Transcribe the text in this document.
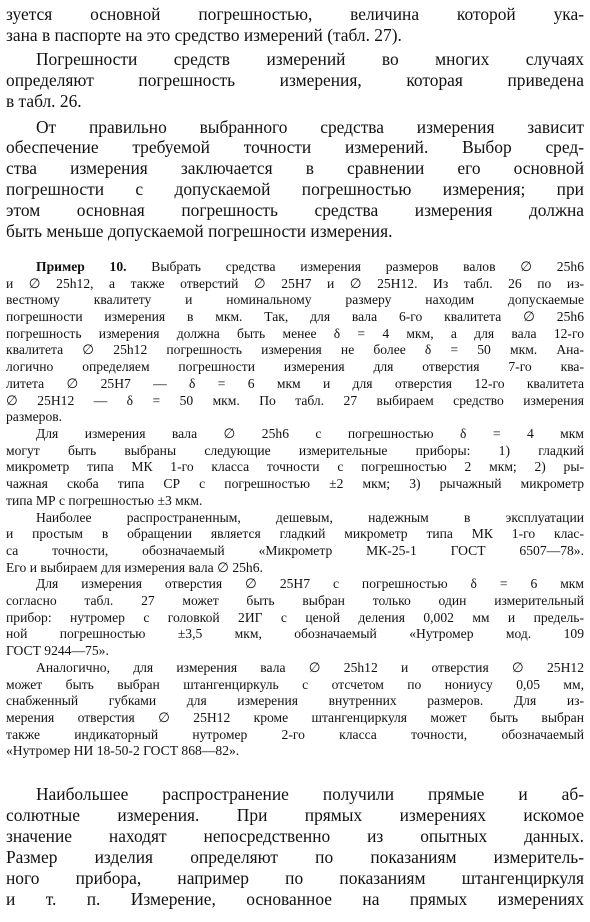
зуется основной погрешностью, величина которой ука-
зана в паспорте на это средство измерений (табл. 27).
Погрешности средств измерений во многих случаях
определяют погрешность измерения, которая приведена
в табл. 26.
От правильно выбранного средства измерения зависит
обеспечение требуемой точности измерений. Выбор сред-
ства измерения заключается в сравнении его основной
погрешности с допускаемой погрешностью измерения; при
этом основная погрешность средства измерения должна
быть меньше допускаемой погрешности измерения.
Пример 10. Выбрать средства измерения размеров валов ∅ 25h6
и ∅ 25h12, а также отверстий ∅ 25H7 и ∅ 25H12. Из табл. 26 по из-
вестному квалитету и номинальному размеру находим допускаемые
погрешности измерения в мкм. Так, для вала 6-го квалитета ∅ 25h6
погрешность измерения должна быть менее δ = 4 мкм, а для вала 12-го
квалитета ∅ 25h12 погрешность измерения не более δ = 50 мкм. Ана-
логично определяем погрешности измерения для отверстия 7-го ква-
литета ∅ 25H7 — δ = 6 мкм и для отверстия 12-го квалитета
∅ 25H12 — δ = 50 мкм. По табл. 27 выбираем средство измерения
размеров.
Для измерения вала ∅ 25h6 с погрешностью δ = 4 мкм
могут быть выбраны следующие измерительные приборы: 1) гладкий
микрометр типа МК 1-го класса точности с погрешностью 2 мкм; 2) ры-
чажная скоба типа СР с погрешностью ±2 мкм; 3) рычажный микрометр
типа МР с погрешностью ±3 мкм.
Наиболее распространенным, дешевым, надежным в эксплуатации
и простым в обращении является гладкий микрометр типа МК 1-го клас-
са точности, обозначаемый «Микрометр МК-25-1 ГОСТ 6507—78».
Его и выбираем для измерения вала ∅ 25h6.
Для измерения отверстия ∅ 25H7 с погрешностью δ = 6 мкм
согласно табл. 27 может быть выбран только один измерительный
прибор: нутромер с головкой 2ИГ с ценой деления 0,002 мм и предель-
ной погрешностью ±3,5 мкм, обозначаемый «Нутромер мод. 109
ГОСТ 9244—75».
Аналогично, для измерения вала ∅ 25h12 и отверстия ∅ 25H12
может быть выбран штангенциркуль с отсчетом по нониусу 0,05 мм,
снабженный губками для измерения внутренних размеров. Для из-
мерения отверстия ∅ 25H12 кроме штангенциркуля может быть выбран
также индикаторный нутромер 2-го класса точности, обозначаемый
«Нутромер НИ 18-50-2 ГОСТ 868—82».
Наибольшее распространение получили прямые и аб-
солютные измерения. При прямых измерениях искомое
значение находят непосредственно из опытных данных.
Размер изделия определяют по показаниям измеритель-
ного прибора, например по показаниям штангенциркуля
и т. п. Измерение, основанное на прямых измерениях
